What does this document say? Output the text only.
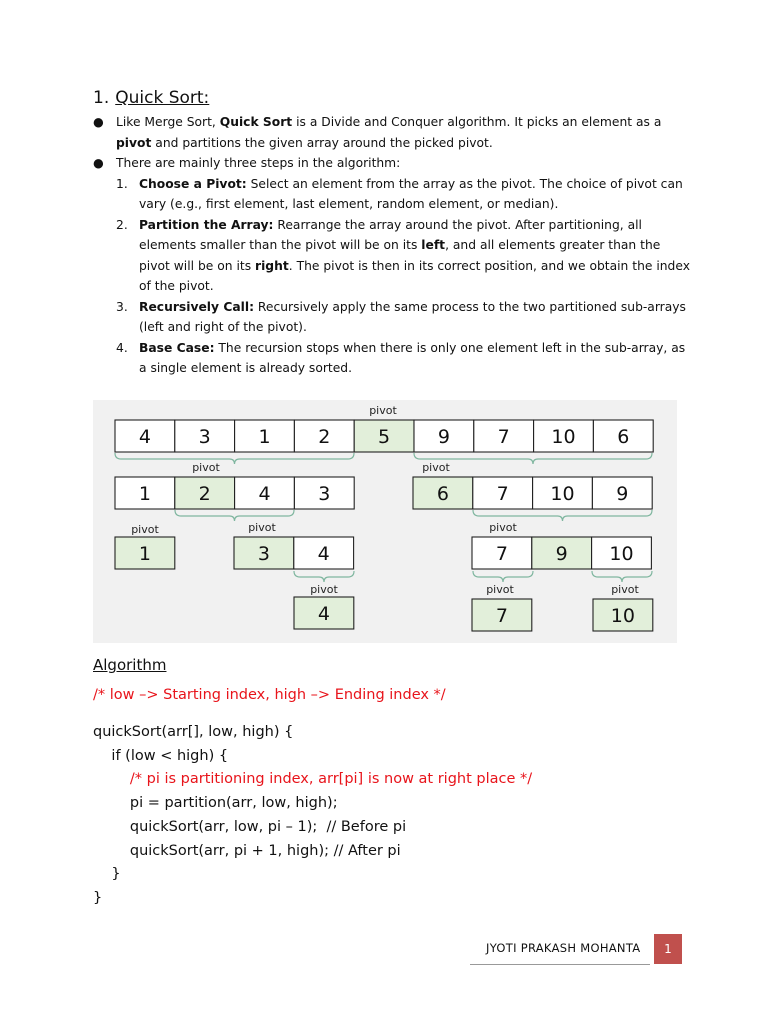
1. Quick Sort:
● Like Merge Sort, Quick Sort is a Divide and Conquer algorithm. It picks an element as a pivot and partitions the given array around the picked pivot.
● There are mainly three steps in the algorithm:
1. Choose a Pivot: Select an element from the array as the pivot. The choice of pivot can vary (e.g., first element, last element, random element, or median).
2. Partition the Array: Rearrange the array around the pivot. After partitioning, all elements smaller than the pivot will be on its left, and all elements greater than the pivot will be on its right. The pivot is then in its correct position, and we obtain the index of the pivot.
3. Recursively Call: Recursively apply the same process to the two partitioned sub-arrays (left and right of the pivot).
4. Base Case: The recursion stops when there is only one element left in the sub-array, as a single element is already sorted.
pivot
4	3	1	2	5	9	7 10 6
pivot	pivot
1	2	4	3	6	7 10 9
pivot	pivot	pivot
1	3	4	7	9 10
pivot	pivot	pivot
4	7	10
Algorithm
/* low –> Starting index, high –> Ending index */
quickSort(arr[], low, high) {
if (low < high) {
/* pi is partitioning index, arr[pi] is now at right place */
pi = partition(arr, low, high);
quickSort(arr, low, pi – 1);  // Before pi
quickSort(arr, pi + 1, high); // After pi
}
}
JYOTI PRAKASH MOHANTA	1
